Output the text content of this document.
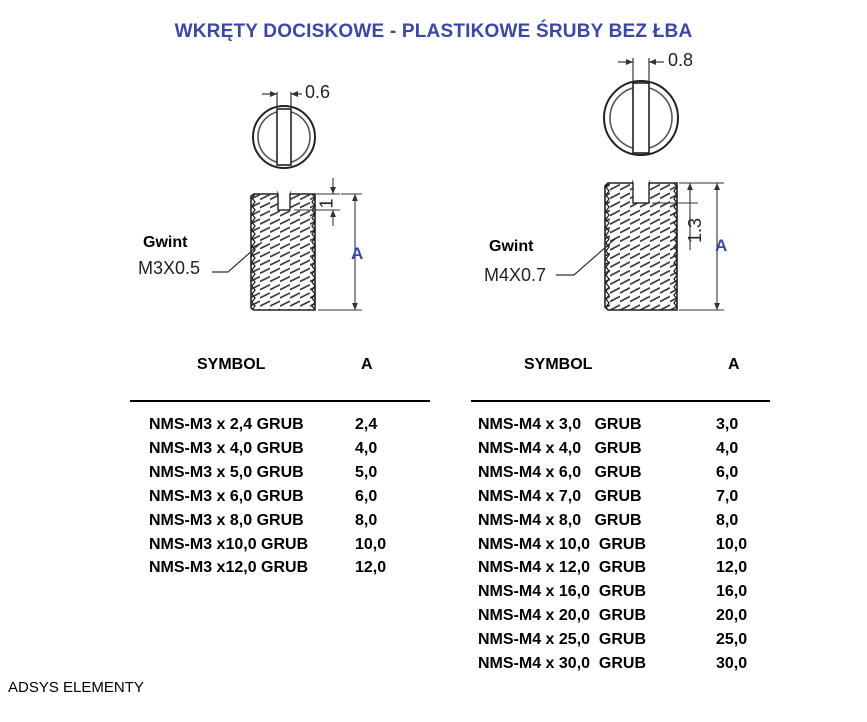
WKRĘTY DOCISKOWE - PLASTIKOWE ŚRUBY BEZ ŁBA
0.6
1
A
Gwint
M3X0.5
0.8
1.3
A
Gwint
M4X0.7
SYMBOL	A
NMS-M3 x 2,4 GRUB	2,4
NMS-M3 x 4,0 GRUB	4,0
NMS-M3 x 5,0 GRUB	5,0
NMS-M3 x 6,0 GRUB	6,0
NMS-M3 x 8,0 GRUB	8,0
NMS-M3 x10,0 GRUB	10,0
NMS-M3 x12,0 GRUB	12,0
SYMBOL	A
NMS-M4 x 3,0   GRUB	3,0
NMS-M4 x 4,0   GRUB	4,0
NMS-M4 x 6,0   GRUB	6,0
NMS-M4 x 7,0   GRUB	7,0
NMS-M4 x 8,0   GRUB	8,0
NMS-M4 x 10,0  GRUB	10,0
NMS-M4 x 12,0  GRUB	12,0
NMS-M4 x 16,0  GRUB	16,0
NMS-M4 x 20,0  GRUB	20,0
NMS-M4 x 25,0  GRUB	25,0
NMS-M4 x 30,0  GRUB	30,0
ADSYS ELEMENTY
